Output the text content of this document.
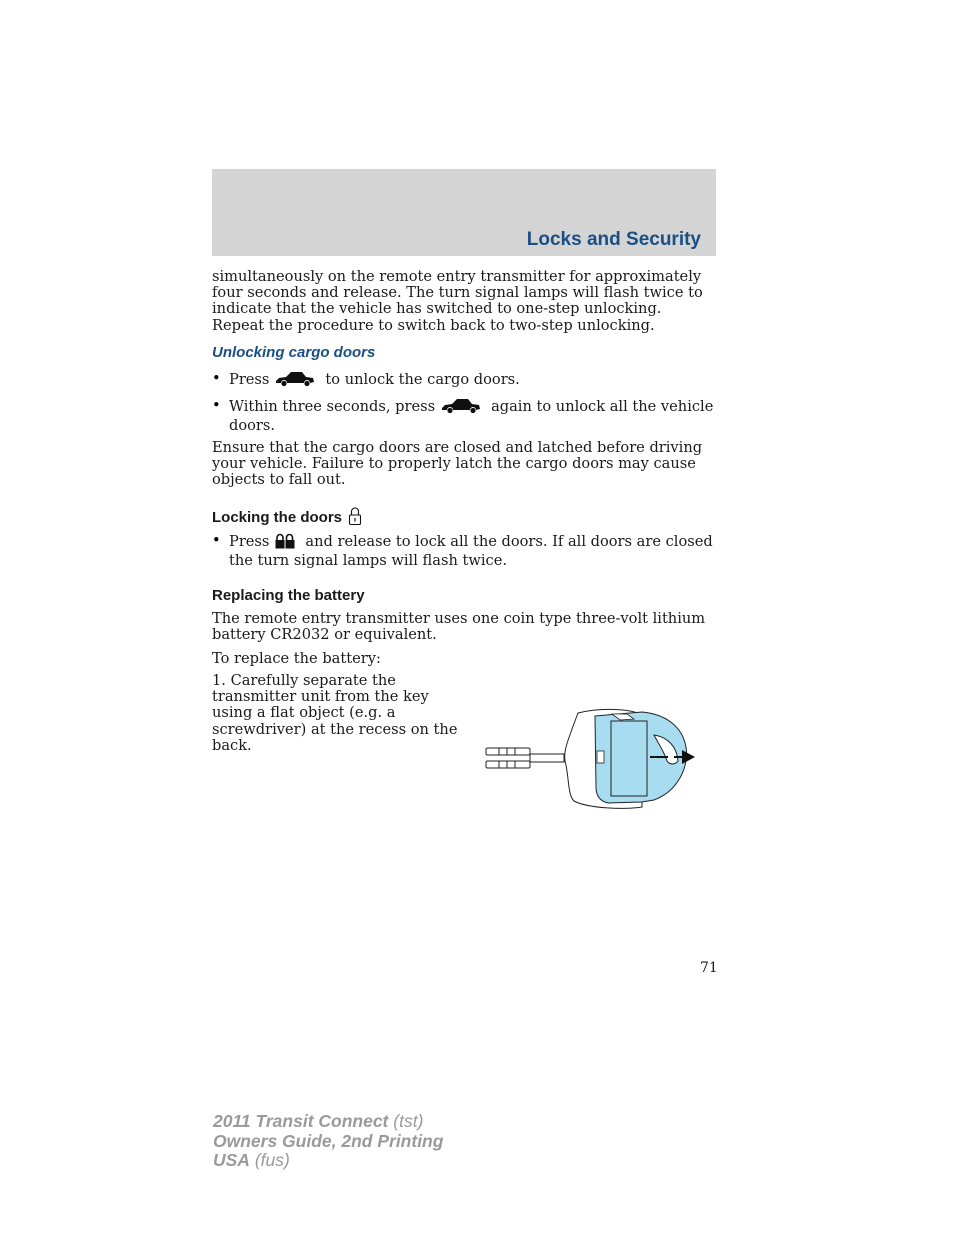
Locks and Security

simultaneously on the remote entry transmitter for approximately four seconds and release. The turn signal lamps will flash twice to indicate that the vehicle has switched to one-step unlocking. Repeat the procedure to switch back to two-step unlocking.

Unlocking cargo doors
• Press	to unlock the cargo doors.
• Within three seconds, press	again to unlock all the vehicle doors.

Ensure that the cargo doors are closed and latched before driving your vehicle. Failure to properly latch the cargo doors may cause objects to fall out.

Locking the doors
• Press and release to lock all the doors. If all doors are closed the turn signal lamps will flash twice.
Replacing the battery

The remote entry transmitter uses one coin type three-volt lithium battery CR2032 or equivalent.

To replace the battery:

1. Carefully separate the transmitter unit from the key using a flat object (e.g. a screwdriver) at the recess on the back.

71
2011 Transit Connect (tst)
Owners Guide, 2nd Printing
USA (fus)
